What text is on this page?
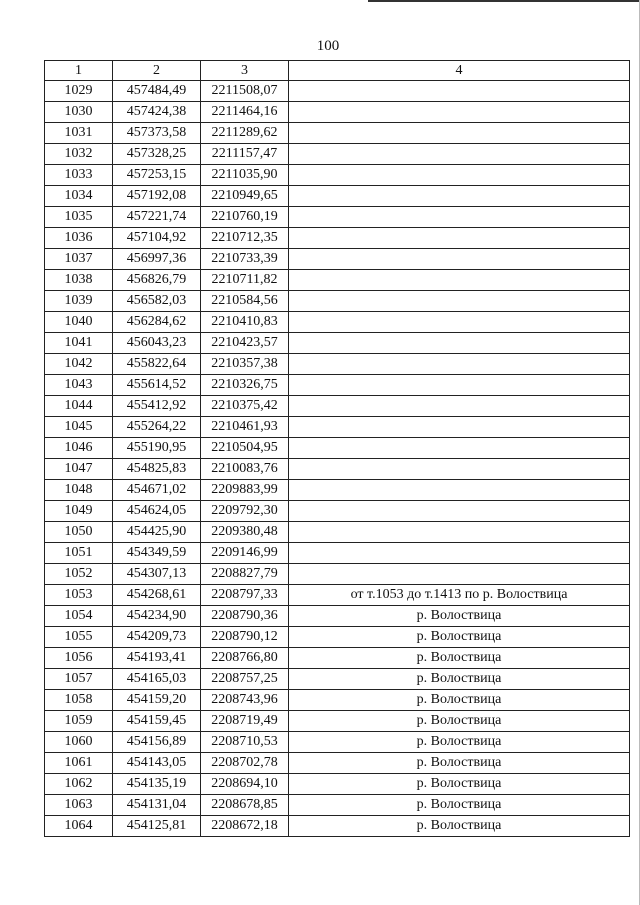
100
1	2	3	4
1029	457484,49	2211508,07	
1030	457424,38	2211464,16	
1031	457373,58	2211289,62	
1032	457328,25	2211157,47	
1033	457253,15	2211035,90	
1034	457192,08	2210949,65	
1035	457221,74	2210760,19	
1036	457104,92	2210712,35	
1037	456997,36	2210733,39	
1038	456826,79	2210711,82	
1039	456582,03	2210584,56	
1040	456284,62	2210410,83	
1041	456043,23	2210423,57	
1042	455822,64	2210357,38	
1043	455614,52	2210326,75	
1044	455412,92	2210375,42	
1045	455264,22	2210461,93	
1046	455190,95	2210504,95	
1047	454825,83	2210083,76	
1048	454671,02	2209883,99	
1049	454624,05	2209792,30	
1050	454425,90	2209380,48	
1051	454349,59	2209146,99	
1052	454307,13	2208827,79	
1053	454268,61	2208797,33	от т.1053 до т.1413 по р. Волоствица
1054	454234,90	2208790,36	р. Волоствица
1055	454209,73	2208790,12	р. Волоствица
1056	454193,41	2208766,80	р. Волоствица
1057	454165,03	2208757,25	р. Волоствица
1058	454159,20	2208743,96	р. Волоствица
1059	454159,45	2208719,49	р. Волоствица
1060	454156,89	2208710,53	р. Волоствица
1061	454143,05	2208702,78	р. Волоствица
1062	454135,19	2208694,10	р. Волоствица
1063	454131,04	2208678,85	р. Волоствица
1064	454125,81	2208672,18	р. Волоствица
